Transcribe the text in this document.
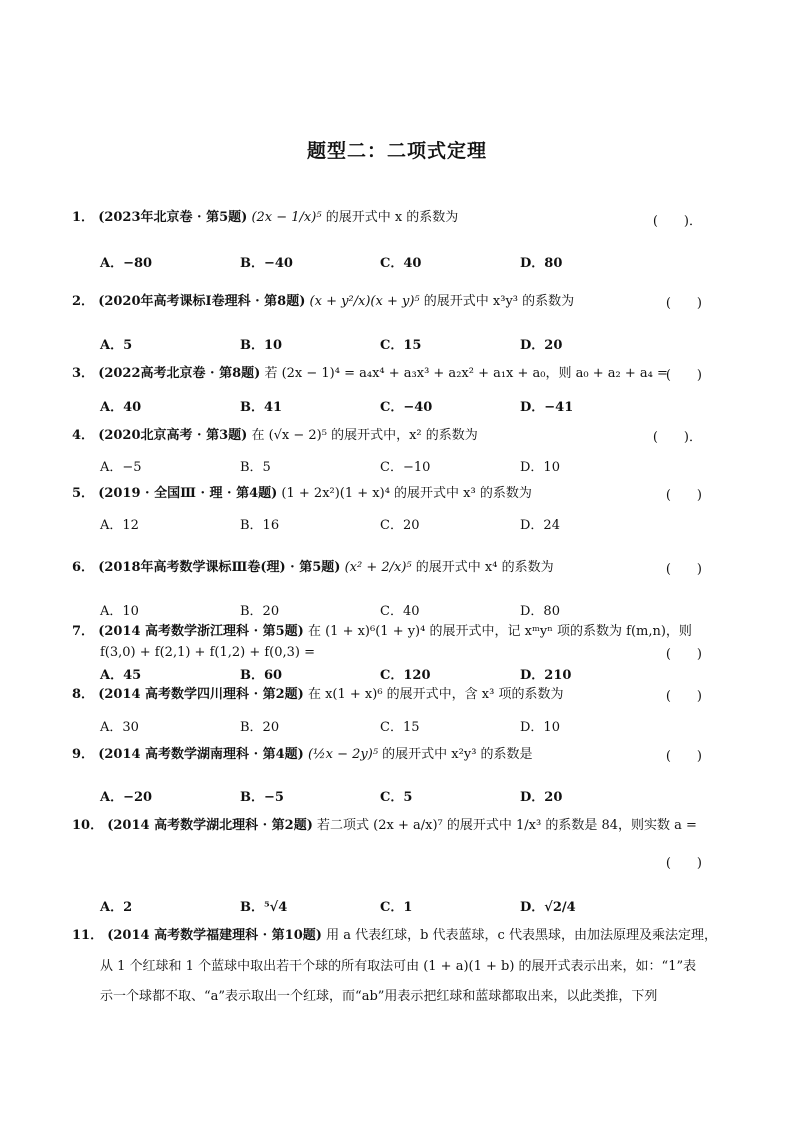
题型二：二项式定理
1． (2023年北京卷 · 第5题) (2x − 1/x)⁵ 的展开式中 x 的系数为	(　　)．
A．−80	B．−40	C．40	D．80
2． (2020年高考课标Ⅰ卷理科 · 第8题) (x + y²/x)(x + y)⁵ 的展开式中 x³y³ 的系数为	(　　)
A．5	B．10	C．15	D．20
3． (2022高考北京卷 · 第8题) 若 (2x − 1)⁴ = a₄x⁴ + a₃x³ + a₂x² + a₁x + a₀，则 a₀ + a₂ + a₄ =
(　　)
A．40	B．41	C．−40	D．−41
4． (2020北京高考 · 第3题) 在 (√x − 2)⁵ 的展开式中，x² 的系数为	(　　)．
A．−5	B．5	C．−10	D．10
5． (2019 · 全国Ⅲ · 理 · 第4题) (1 + 2x²)(1 + x)⁴ 的展开式中 x³ 的系数为	(　　)
A．12	B．16	C．20	D．24
6． (2018年高考数学课标Ⅲ卷(理) · 第5题) (x² + 2/x)⁵ 的展开式中 x⁴ 的系数为	(　　)
A．10	B．20	C．40	D．80
7． (2014 高考数学浙江理科 · 第5题) 在 (1 + x)⁶(1 + y)⁴ 的展开式中，记 xᵐyⁿ 项的系数为 f(m,n)，则
f(3,0) + f(2,1) + f(1,2) + f(0,3) =	(　　)
A．45	B．60	C．120	D．210
8． (2014 高考数学四川理科 · 第2题) 在 x(1 + x)⁶ 的展开式中，含 x³ 项的系数为	(　　)
A．30	B．20	C．15	D．10
9． (2014 高考数学湖南理科 · 第4题) (½x − 2y)⁵ 的展开式中 x²y³ 的系数是	(　　)
A．−20	B．−5	C．5	D．20
10． (2014 高考数学湖北理科 · 第2题) 若二项式 (2x + a/x)⁷ 的展开式中 1/x³ 的系数是 84，则实数 a =
(　　)
A．2	B．⁵√4	C．1	D．√2/4
11． (2014 高考数学福建理科 · 第10题) 用 a 代表红球，b 代表蓝球，c 代表黑球，由加法原理及乘法定理，
从 1 个红球和 1 个蓝球中取出若干个球的所有取法可由 (1 + a)(1 + b) 的展开式表示出来，如：“1”表
示一个球都不取、“a”表示取出一个红球，而“ab”用表示把红球和蓝球都取出来，以此类推，下列
